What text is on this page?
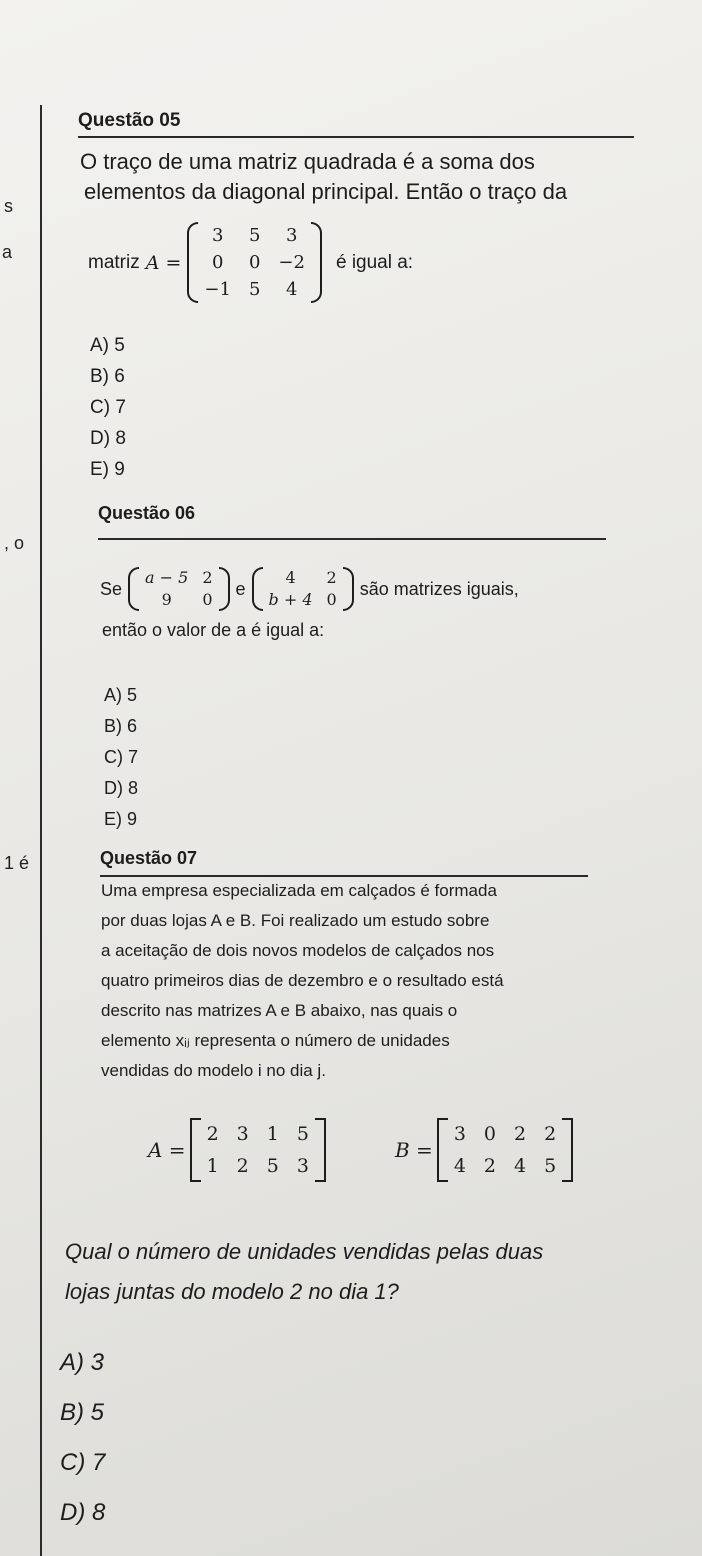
s
a
, o
1 é
Questão 05
O traço de uma matriz quadrada é a soma dos
elementos da diagonal principal. Então o traço da
matriz A =
3	5	3
0	0 −2
−1 5	4
é igual a:
A) 5
B) 6
C) 7
D) 8
E) 9
Questão 06
Se
a − 5 2
9	0
e
4	2
b + 4 0
são matrizes iguais,
então o valor de a é igual a:
A) 5
B) 6
C) 7
D) 8
E) 9
Questão 07
Uma empresa especializada em calçados é formada
por duas lojas A e B. Foi realizado um estudo sobre
a aceitação de dois novos modelos de calçados nos
quatro primeiros dias de dezembro e o resultado está
descrito nas matrizes A e B abaixo, nas quais o
elemento xᵢⱼ representa o número de unidades
vendidas do modelo i no dia j.
A =
2 3 1 5
1 2 5 3
B =
3 0 2 2
4 2 4 5
Qual o número de unidades vendidas pelas duas
lojas juntas do modelo 2 no dia 1?
A) 3
B) 5
C) 7
D) 8
